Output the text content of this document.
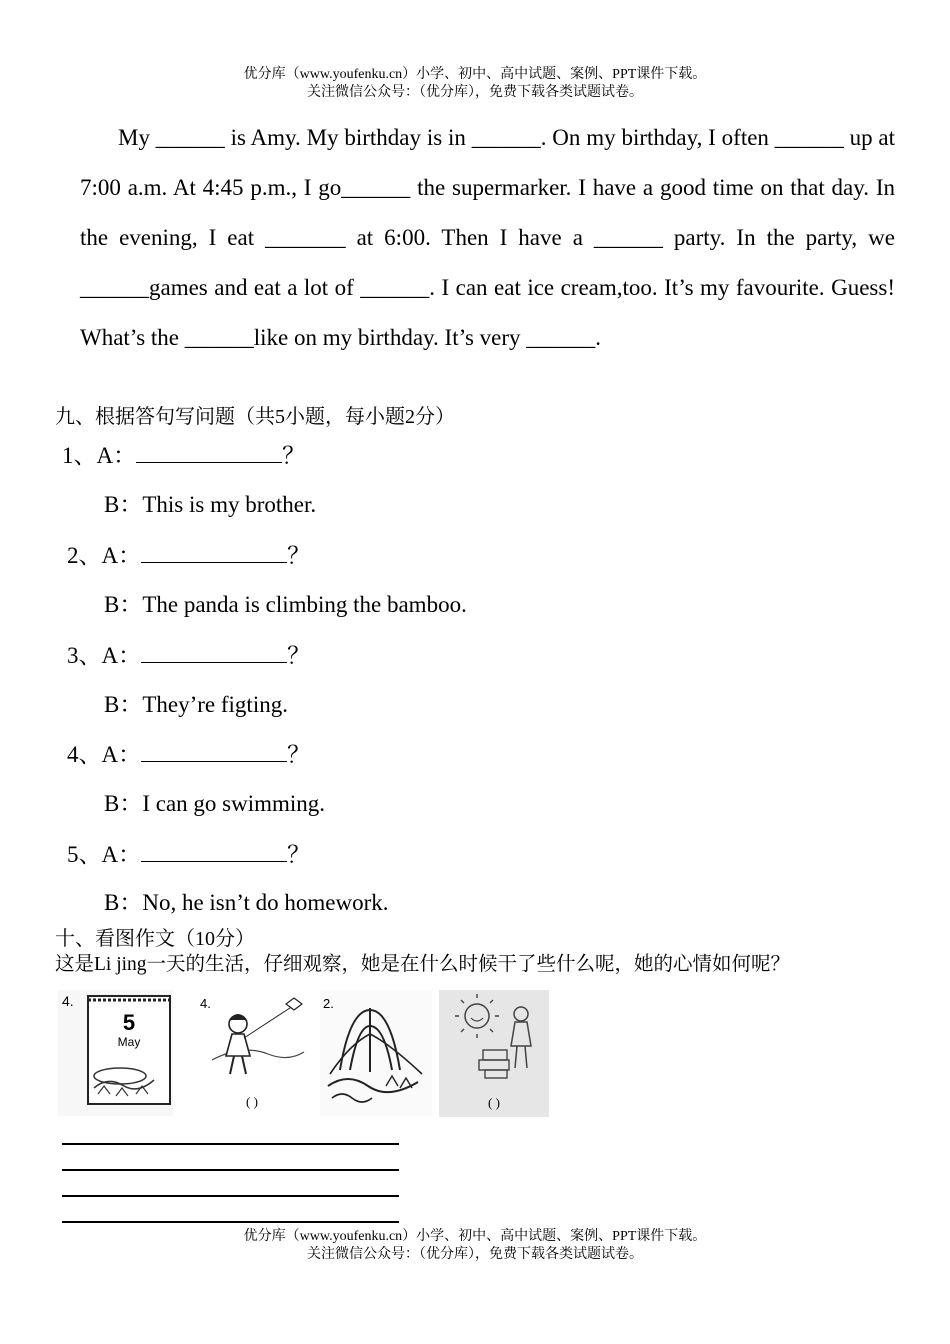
优分库（www.youfenku.cn）小学、初中、高中试题、案例、PPT课件下载。
关注微信公众号：（优分库），免费下载各类试题试卷。

My ______ is Amy. My birthday is in ______. On my birthday, I often ______ up at 7:00 a.m. At 4:45 p.m., I go______ the supermarker. I have a good time on that day. In the evening, I eat _______ at 6:00. Then I have a ______ party. In the party, we ______games and eat a lot of ______. I can eat ice cream,too. It’s my favourite. Guess! What’s the ______like on my birthday. It’s very ______.

九、根据答句写问题（共5小题，每小题2分）
1、A：	？
B：This is my brother.
2、A：	？
B：The panda is climbing the bamboo.
3、A：	？
B：They’re figting.
4、A：	？
B：I can go swimming.
5、A：	？
B：No, he isn’t do homework.
十、看图作文（10分）
这是Li jing一天的生活，仔细观察，她是在什么时候干了些什么呢，她的心情如何呢？
4.
5
May
4.
( )
2.
( )
优分库（www.youfenku.cn）小学、初中、高中试题、案例、PPT课件下载。
关注微信公众号：（优分库），免费下载各类试题试卷。
